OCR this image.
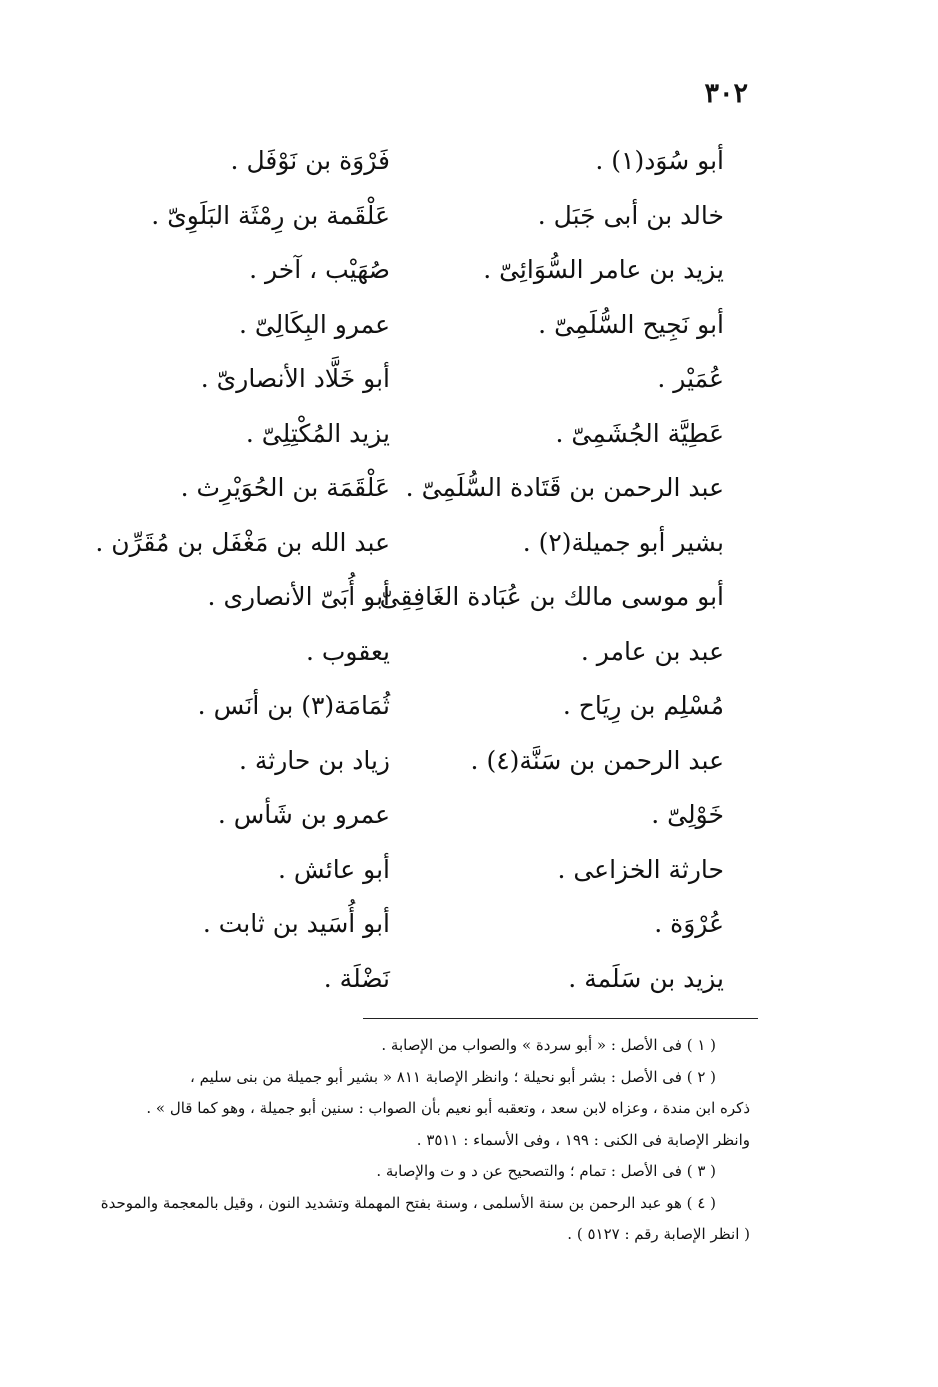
٣٠٢
أبو سُوَد(١) .
فَرْوَة بن نَوْفَل .
خالد بن أبى جَبَل .
عَلْقَمة بن رِمْثَة البَلَوِىّ .
يزيد بن عامر السُّوَائِىّ .
صُهَيْب ، آخر .
أبو نَجِيح السُّلَمِىّ .
عمرو البِكَالِىّ .
عُمَيْر .
أبو خَلَّاد الأنصارىّ .
عَطِيَّة الجُشَمِىّ .
يزيد المُكْتِلِىّ .
عبد الرحمن بن قَتَادة السُّلَمِىّ .
عَلْقَمَة بن الحُوَيْرِث .
بشير أبو جميلة(٢) .
عبد الله بن مَغْفَل بن مُقَرِّن .
أبو موسى مالك بن عُبَادة الغَافِقِىّ .
أبو أُبَىّ الأنصارى .
عبد بن عامر .
يعقوب .
مُسْلِم بن رِيَاح .
ثُمَامَة(٣) بن أنَس .
عبد الرحمن بن سَنَّة(٤) .
زياد بن حارثة .
خَوْلِىّ .
عمرو بن شَأس .
حارثة الخزاعى .
أبو عائش .
عُرْوَة .
أبو أُسَيد بن ثابت .
يزيد بن سَلَمة .
نَضْلَة .
( ١ ) فى الأصل : « أبو سردة » والصواب من الإصابة .
( ٢ ) فى الأصل : بشر أبو نحيلة ؛ وانظر الإصابة ٨١١ « بشير أبو جميلة من بنى سليم ،
ذكره ابن مندة ، وعزاه لابن سعد ، وتعقبه أبو نعيم بأن الصواب : سنين أبو جميلة ، وهو كما قال » .
وانظر الإصابة فى الكنى : ١٩٩ ، وفى الأسماء : ٣٥١١ .
( ٣ ) فى الأصل : تمام ؛ والتصحيح عن د و ت والإصابة .
( ٤ ) هو عبد الرحمن بن سنة الأسلمى ، وسنة بفتح المهملة وتشديد النون ، وقيل بالمعجمة والموحدة
( انظر الإصابة رقم : ٥١٢٧ ) .
